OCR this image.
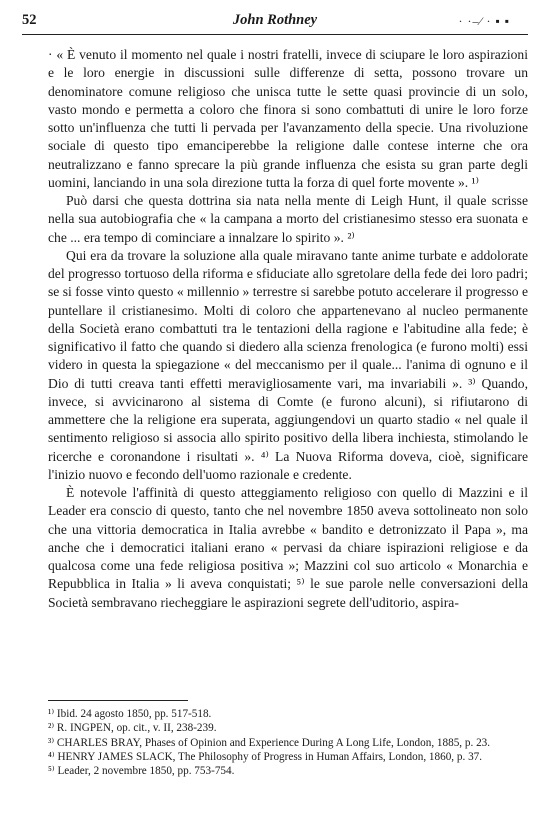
52	John Rothney	· ·–⁄ · ▪ ▪

· « È venuto il momento nel quale i nostri fratelli, invece di sciupare le loro aspirazioni e le loro energie in discussioni sulle differenze di setta, possono trovare un denominatore comune religioso che unisca tutte le sette quasi provincie di un solo, vasto mondo e permetta a coloro che finora si sono combattuti di unire le loro forze sotto un'influenza che tutti li pervada per l'avanzamento della specie. Una rivoluzione sociale di questo tipo emanciperebbe la religione dalle contese interne che ora neutralizzano e fanno sprecare la più grande influenza che esista su gran parte degli uomini, lanciando in una sola direzione tutta la forza di quel forte movente ». ¹⁾

Può darsi che questa dottrina sia nata nella mente di Leigh Hunt, il quale scrisse nella sua autobiografia che « la campana a morto del cristianesimo stesso era suonata e che ... era tempo di cominciare a innalzare lo spirito ». ²⁾

Qui era da trovare la soluzione alla quale miravano tante anime turbate e addolorate del progresso tortuoso della riforma e sfiduciate allo sgretolare della fede dei loro padri; se si fosse vinto questo « millennio » terrestre si sarebbe potuto accelerare il progresso e puntellare il cristianesimo. Molti di coloro che appartenevano al nucleo permanente della Società erano combattuti tra le tentazioni della ragione e l'abitudine alla fede; è significativo il fatto che quando si diedero alla scienza frenologica (e furono molti) essi videro in questa la spiegazione « del meccanismo per il quale... l'anima di ognuno e il Dio di tutti creava tanti effetti meravigliosamente vari, ma invariabili ». ³⁾ Quando, invece, si avvicinarono al sistema di Comte (e furono alcuni), si rifiutarono di ammettere che la religione era superata, aggiungendovi un quarto stadio « nel quale il sentimento religioso si associa allo spirito positivo della libera inchiesta, stimolando le ricerche e coronandone i risultati ». ⁴⁾ La Nuova Riforma doveva, cioè, significare l'inizio nuovo e fecondo dell'uomo razionale e credente.

È notevole l'affinità di questo atteggiamento religioso con quello di Mazzini e il Leader era conscio di questo, tanto che nel novembre 1850 aveva sottolineato non solo che una vittoria democratica in Italia avrebbe « bandito e detronizzato il Papa », ma anche che i democratici italiani erano « pervasi da chiare ispirazioni religiose e da qualcosa come una fede religiosa positiva »; Mazzini col suo articolo « Monarchia e Repubblica in Italia » li aveva conquistati; ⁵⁾ le sue parole nelle conversazioni della Società sembravano riecheggiare le aspirazioni segrete dell'uditorio, aspira-

¹⁾ Ibid. 24 agosto 1850, pp. 517-518.
²⁾ R. INGPEN, op. cit., v. II, 238-239.
³⁾ CHARLES BRAY, Phases of Opinion and Experience During A Long Life, London, 1885, p. 23.
⁴⁾ HENRY JAMES SLACK, The Philosophy of Progress in Human Affairs, London, 1860, p. 37.
⁵⁾ Leader, 2 novembre 1850, pp. 753-754.
